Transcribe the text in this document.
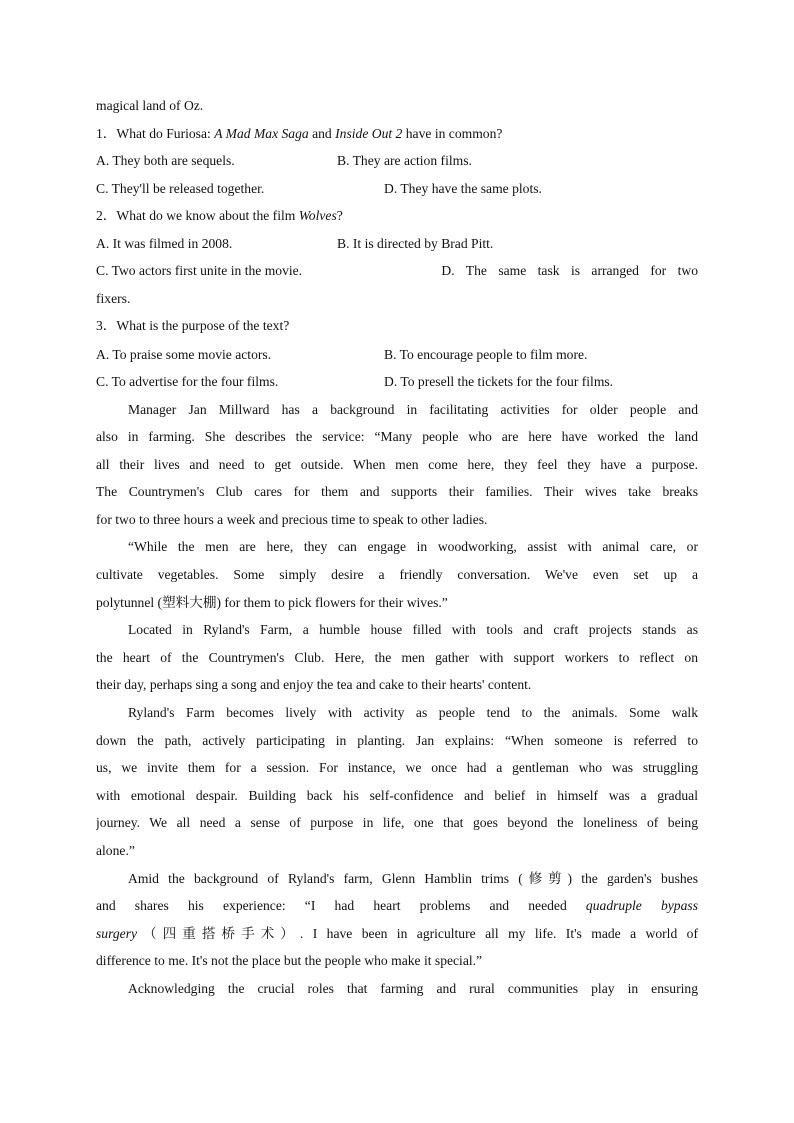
magical land of Oz.
1．What do Furiosa: A Mad Max Saga and Inside Out 2 have in common?
A. They both are sequels.	B. They are action films.
C. They'll be released together.	D. They have the same plots.
2．What do we know about the film Wolves?
A. It was filmed in 2008.	B. It is directed by Brad Pitt.
C. Two actors first unite in the movie.	D. The same task is arranged for two
fixers.
3．What is the purpose of the text?
A. To praise some movie actors.	B. To encourage people to film more.
C. To advertise for the four films.	D. To presell the tickets for the four films.
Manager Jan Millward has a background in facilitating activities for older people and
also in farming. She describes the service: “Many people who are here have worked the land
all their lives and need to get outside. When men come here, they feel they have a purpose.
The Countrymen's Club cares for them and supports their families. Their wives take breaks
for two to three hours a week and precious time to speak to other ladies.
“While the men are here, they can engage in woodworking, assist with animal care, or
cultivate vegetables. Some simply desire a friendly conversation. We've even set up a
polytunnel (塑料大棚) for them to pick flowers for their wives.”
Located in Ryland's Farm, a humble house filled with tools and craft projects stands as
the heart of the Countrymen's Club. Here, the men gather with support workers to reflect on
their day, perhaps sing a song and enjoy the tea and cake to their hearts' content.
Ryland's Farm becomes lively with activity as people tend to the animals. Some walk
down the path, actively participating in planting. Jan explains: “When someone is referred to
us, we invite them for a session. For instance, we once had a gentleman who was struggling
with emotional despair. Building back his self-confidence and belief in himself was a gradual
journey. We all need a sense of purpose in life, one that goes beyond the loneliness of being
alone.”
Amid the background of Ryland's farm, Glenn Hamblin trims (修剪) the garden's bushes
and shares his experience: “I had heart problems and needed quadruple bypass
surgery（四重搭桥手术）. I have been in agriculture all my life. It's made a world of
difference to me. It's not the place but the people who make it special.”
Acknowledging the crucial roles that farming and rural communities play in ensuring
